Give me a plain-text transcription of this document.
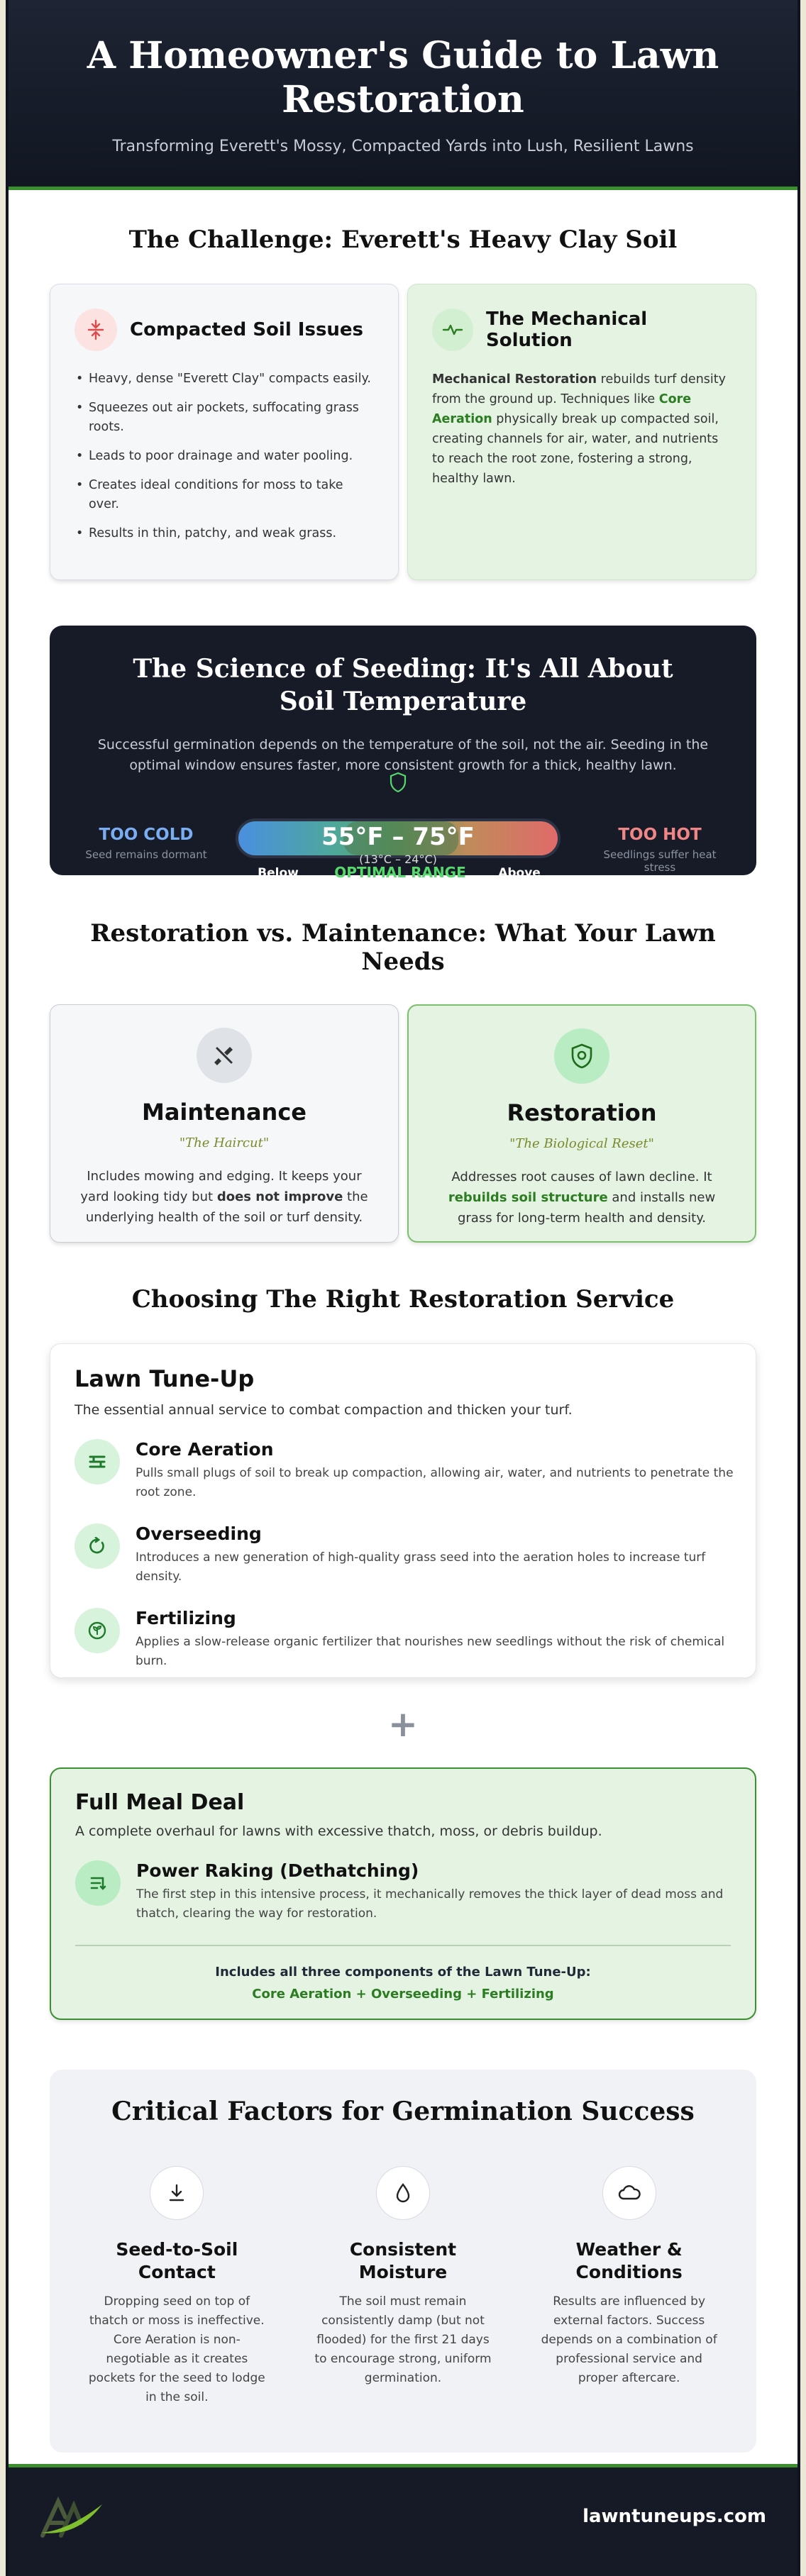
A Homeowner's Guide to Lawn Restoration

Transforming Everett's Mossy, Compacted Yards into Lush, Resilient Lawns

The Challenge: Everett's Heavy Clay Soil
Compacted Soil Issues
• Heavy, dense "Everett Clay" compacts easily.
• Squeezes out air pockets, suffocating grass roots.
• Leads to poor drainage and water pooling.
• Creates ideal conditions for moss to take over.
• Results in thin, patchy, and weak grass.
The Mechanical Solution

Mechanical Restoration rebuilds turf density from the ground up. Techniques like Core Aeration physically break up compacted soil, creating channels for air, water, and nutrients to reach the root zone, fostering a strong, healthy lawn.

The Science of Seeding: It's All About Soil Temperature

Successful germination depends on the temperature of the soil, not the air. Seeding in the optimal window ensures faster, more consistent growth for a thick, healthy lawn.

TOO COLD
Seed remains dormant
55°F – 75°F
(13°C – 24°C)
TOO HOT
Seedlings suffer heat stress
Below
55°F
OPTIMAL RANGE	Above
75°F
Restoration vs. Maintenance: What Your Lawn Needs
Maintenance
"The Haircut"

Includes mowing and edging. It keeps your yard looking tidy but does not improve the underlying health of the soil or turf density.

Restoration
"The Biological Reset"

Addresses root causes of lawn decline. It rebuilds soil structure and installs new grass for long-term health and density.

Choosing The Right Restoration Service
Lawn Tune-Up
The essential annual service to combat compaction and thicken your turf.
Core Aeration

Pulls small plugs of soil to break up compaction, allowing air, water, and nutrients to penetrate the root zone.

Overseeding

Introduces a new generation of high-quality grass seed into the aeration holes to increase turf density.

Fertilizing

Applies a slow-release organic fertilizer that nourishes new seedlings without the risk of chemical burn.

+
Full Meal Deal
A complete overhaul for lawns with excessive thatch, moss, or debris buildup.
Power Raking (Dethatching)

The first step in this intensive process, it mechanically removes the thick layer of dead moss and thatch, clearing the way for restoration.

Includes all three components of the Lawn Tune-Up:
Core Aeration + Overseeding + Fertilizing
Critical Factors for Germination Success
Seed-to-Soil
Contact

Dropping seed on top of thatch or moss is ineffective. Core Aeration is non-negotiable as it creates pockets for the seed to lodge in the soil.

Consistent
Moisture

The soil must remain consistently damp (but not flooded) for the first 21 days to encourage strong, uniform germination.

Weather &
Conditions

Results are influenced by external factors. Success depends on a combination of professional service and proper aftercare.

lawntuneups.com
